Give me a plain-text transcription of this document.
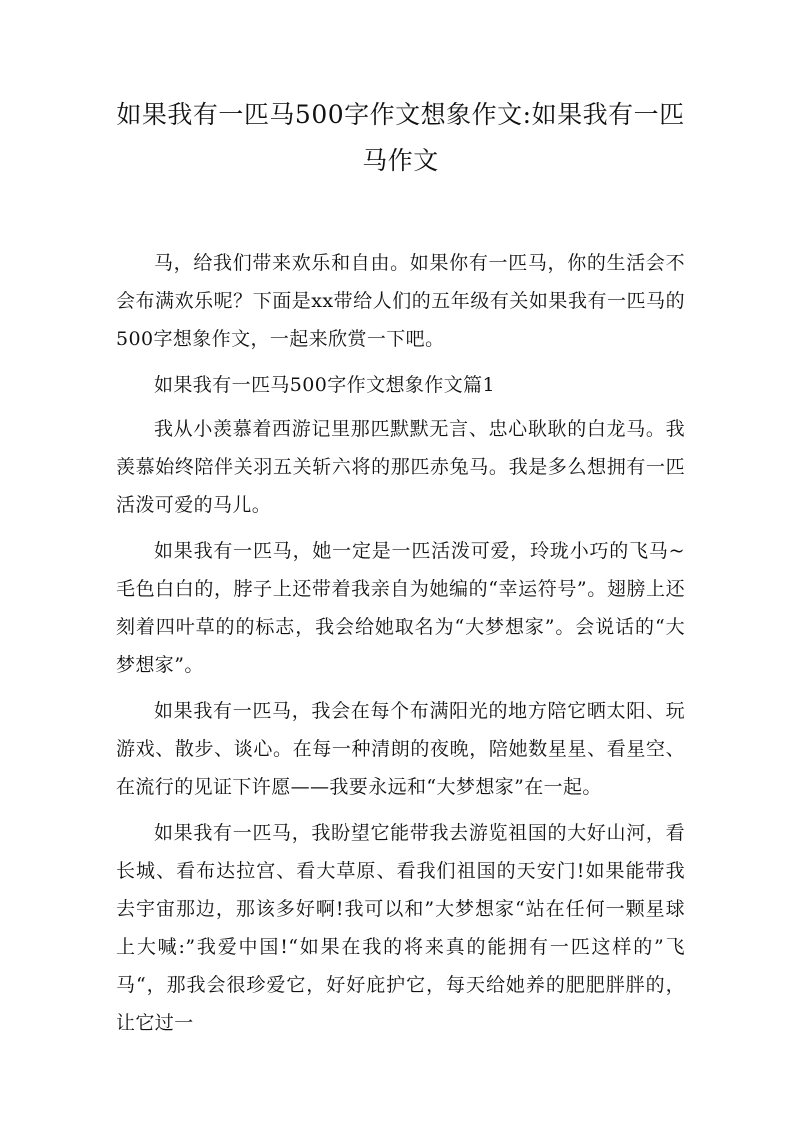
如果我有一匹马500字作文想象作文:如果我有一匹马作文

马，给我们带来欢乐和自由。如果你有一匹马，你的生活会不会布满欢乐呢？下面是xx带给人们的五年级有关如果我有一匹马的500字想象作文，一起来欣赏一下吧。

如果我有一匹马500字作文想象作文篇1

我从小羡慕着西游记里那匹默默无言、忠心耿耿的白龙马。我羡慕始终陪伴关羽五关斩六将的那匹赤兔马。我是多么想拥有一匹活泼可爱的马儿。

如果我有一匹马，她一定是一匹活泼可爱，玲珑小巧的飞马~毛色白白的，脖子上还带着我亲自为她编的“幸运符号”。翅膀上还刻着四叶草的的标志，我会给她取名为“大梦想家”。会说话的“大梦想家”。

如果我有一匹马，我会在每个布满阳光的地方陪它晒太阳、玩游戏、散步、谈心。在每一种清朗的夜晚，陪她数星星、看星空、在流行的见证下许愿——我要永远和“大梦想家”在一起。

如果我有一匹马，我盼望它能带我去游览祖国的大好山河，看长城、看布达拉宫、看大草原、看我们祖国的天安门!如果能带我去宇宙那边，那该多好啊!我可以和”大梦想家“站在任何一颗星球上大喊:”我爱中国!“如果在我的将来真的能拥有一匹这样的”飞马“，那我会很珍爱它，好好庇护它，每天给她养的肥肥胖胖的，让它过一
